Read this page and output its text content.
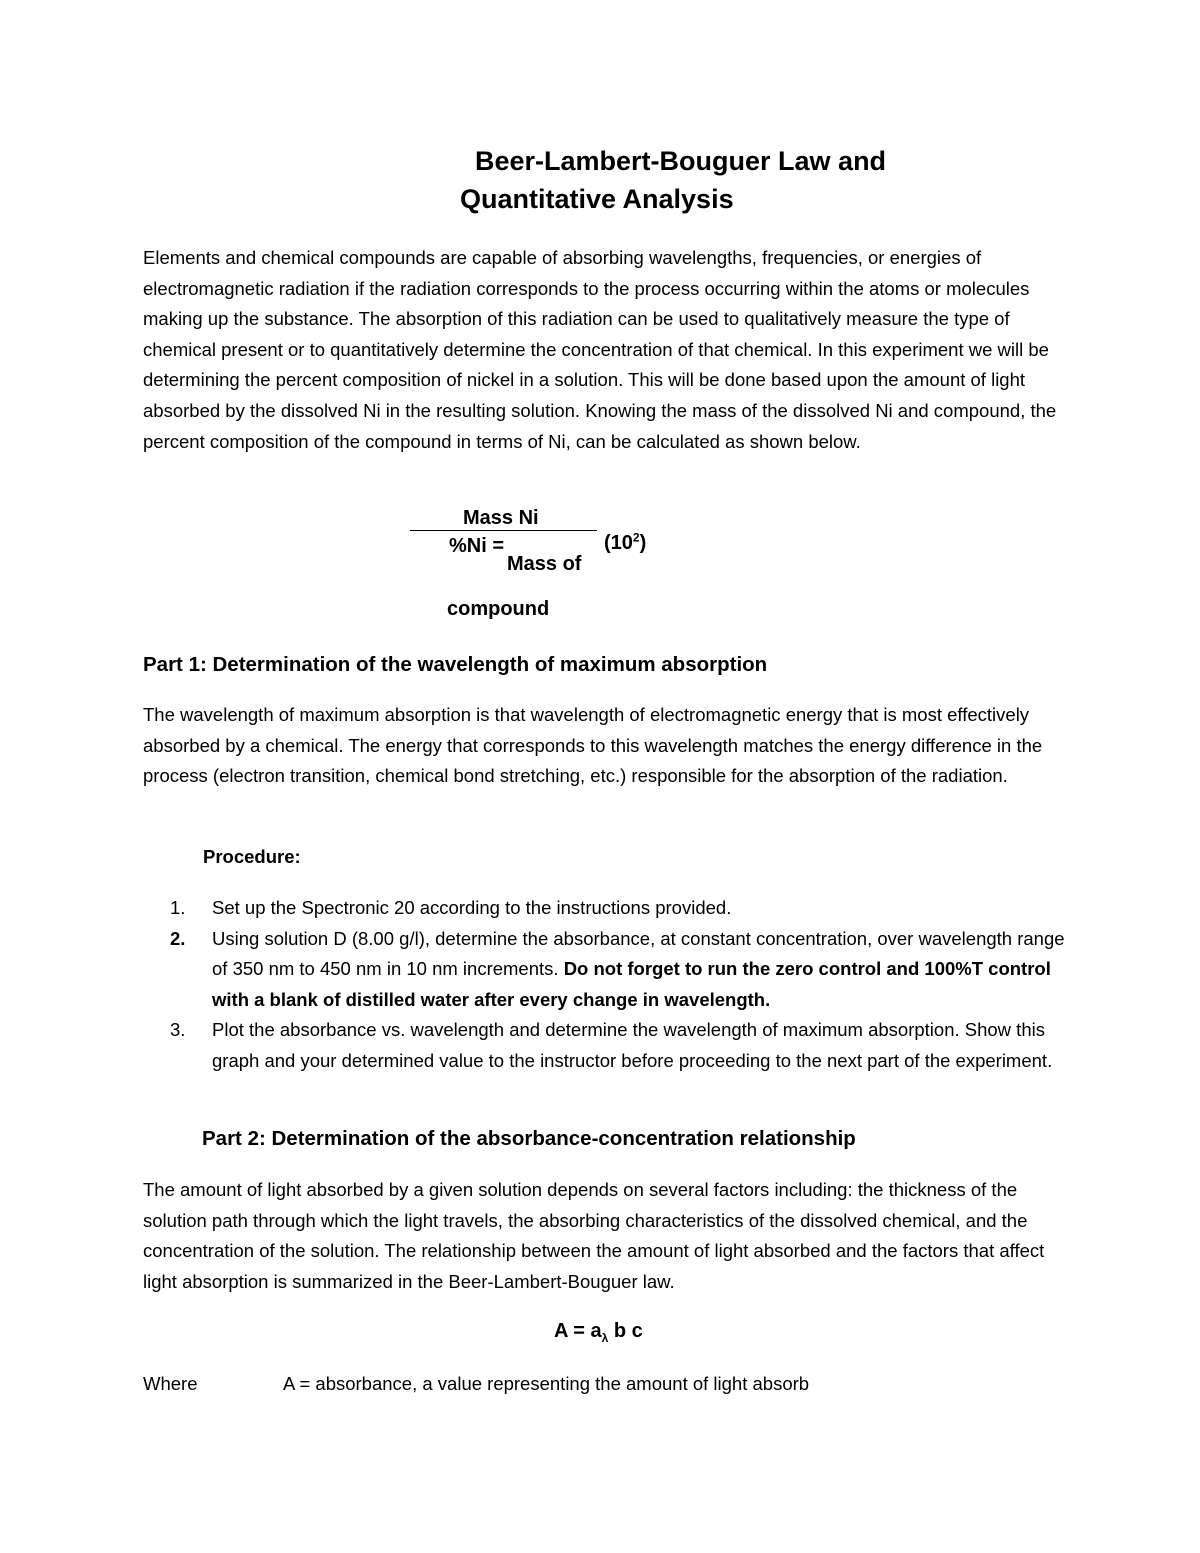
Beer-Lambert-Bouguer Law and
Quantitative Analysis
Elements and chemical compounds are capable of absorbing wavelengths, frequencies, or energies of electromagnetic radiation if the radiation corresponds to the process occurring within the atoms or molecules making up the substance. The absorption of this radiation can be used to qualitatively measure the type of chemical present or to quantitatively determine the concentration of that chemical. In this experiment we will be determining the percent composition of nickel in a solution. This will be done based upon the amount of light absorbed by the dissolved Ni in the resulting solution. Knowing the mass of the dissolved Ni and compound, the percent composition of the compound in terms of Ni, can be calculated as shown below.
Mass Ni
%Ni =
Mass of
$(10^2)$
compound
Part 1: Determination of the wavelength of maximum absorption
The wavelength of maximum absorption is that wavelength of electromagnetic energy that is most effectively absorbed by a chemical. The energy that corresponds to this wavelength matches the energy difference in the process (electron transition, chemical bond stretching, etc.) responsible for the absorption of the radiation.
Procedure:
1. Set up the Spectronic 20 according to the instructions provided.
2. Using solution D (8.00 g/l), determine the absorbance, at constant concentration, over wavelength range of 350 nm to 450 nm in 10 nm increments. Do not forget to run the zero control and 100%T control with a blank of distilled water after every change in wavelength.
3. Plot the absorbance vs. wavelength and determine the wavelength of maximum absorption. Show this graph and your determined value to the instructor before proceeding to the next part of the experiment.
Part 2: Determination of the absorbance-concentration relationship
The amount of light absorbed by a given solution depends on several factors including: the thickness of the solution path through which the light travels, the absorbing characteristics of the dissolved chemical, and the concentration of the solution. The relationship between the amount of light absorbed and the factors that affect light absorption is summarized in the Beer-Lambert-Bouguer law.
$A = a_\lambda$ b c
Where	A = absorbance, a value representing the amount of light absorb
